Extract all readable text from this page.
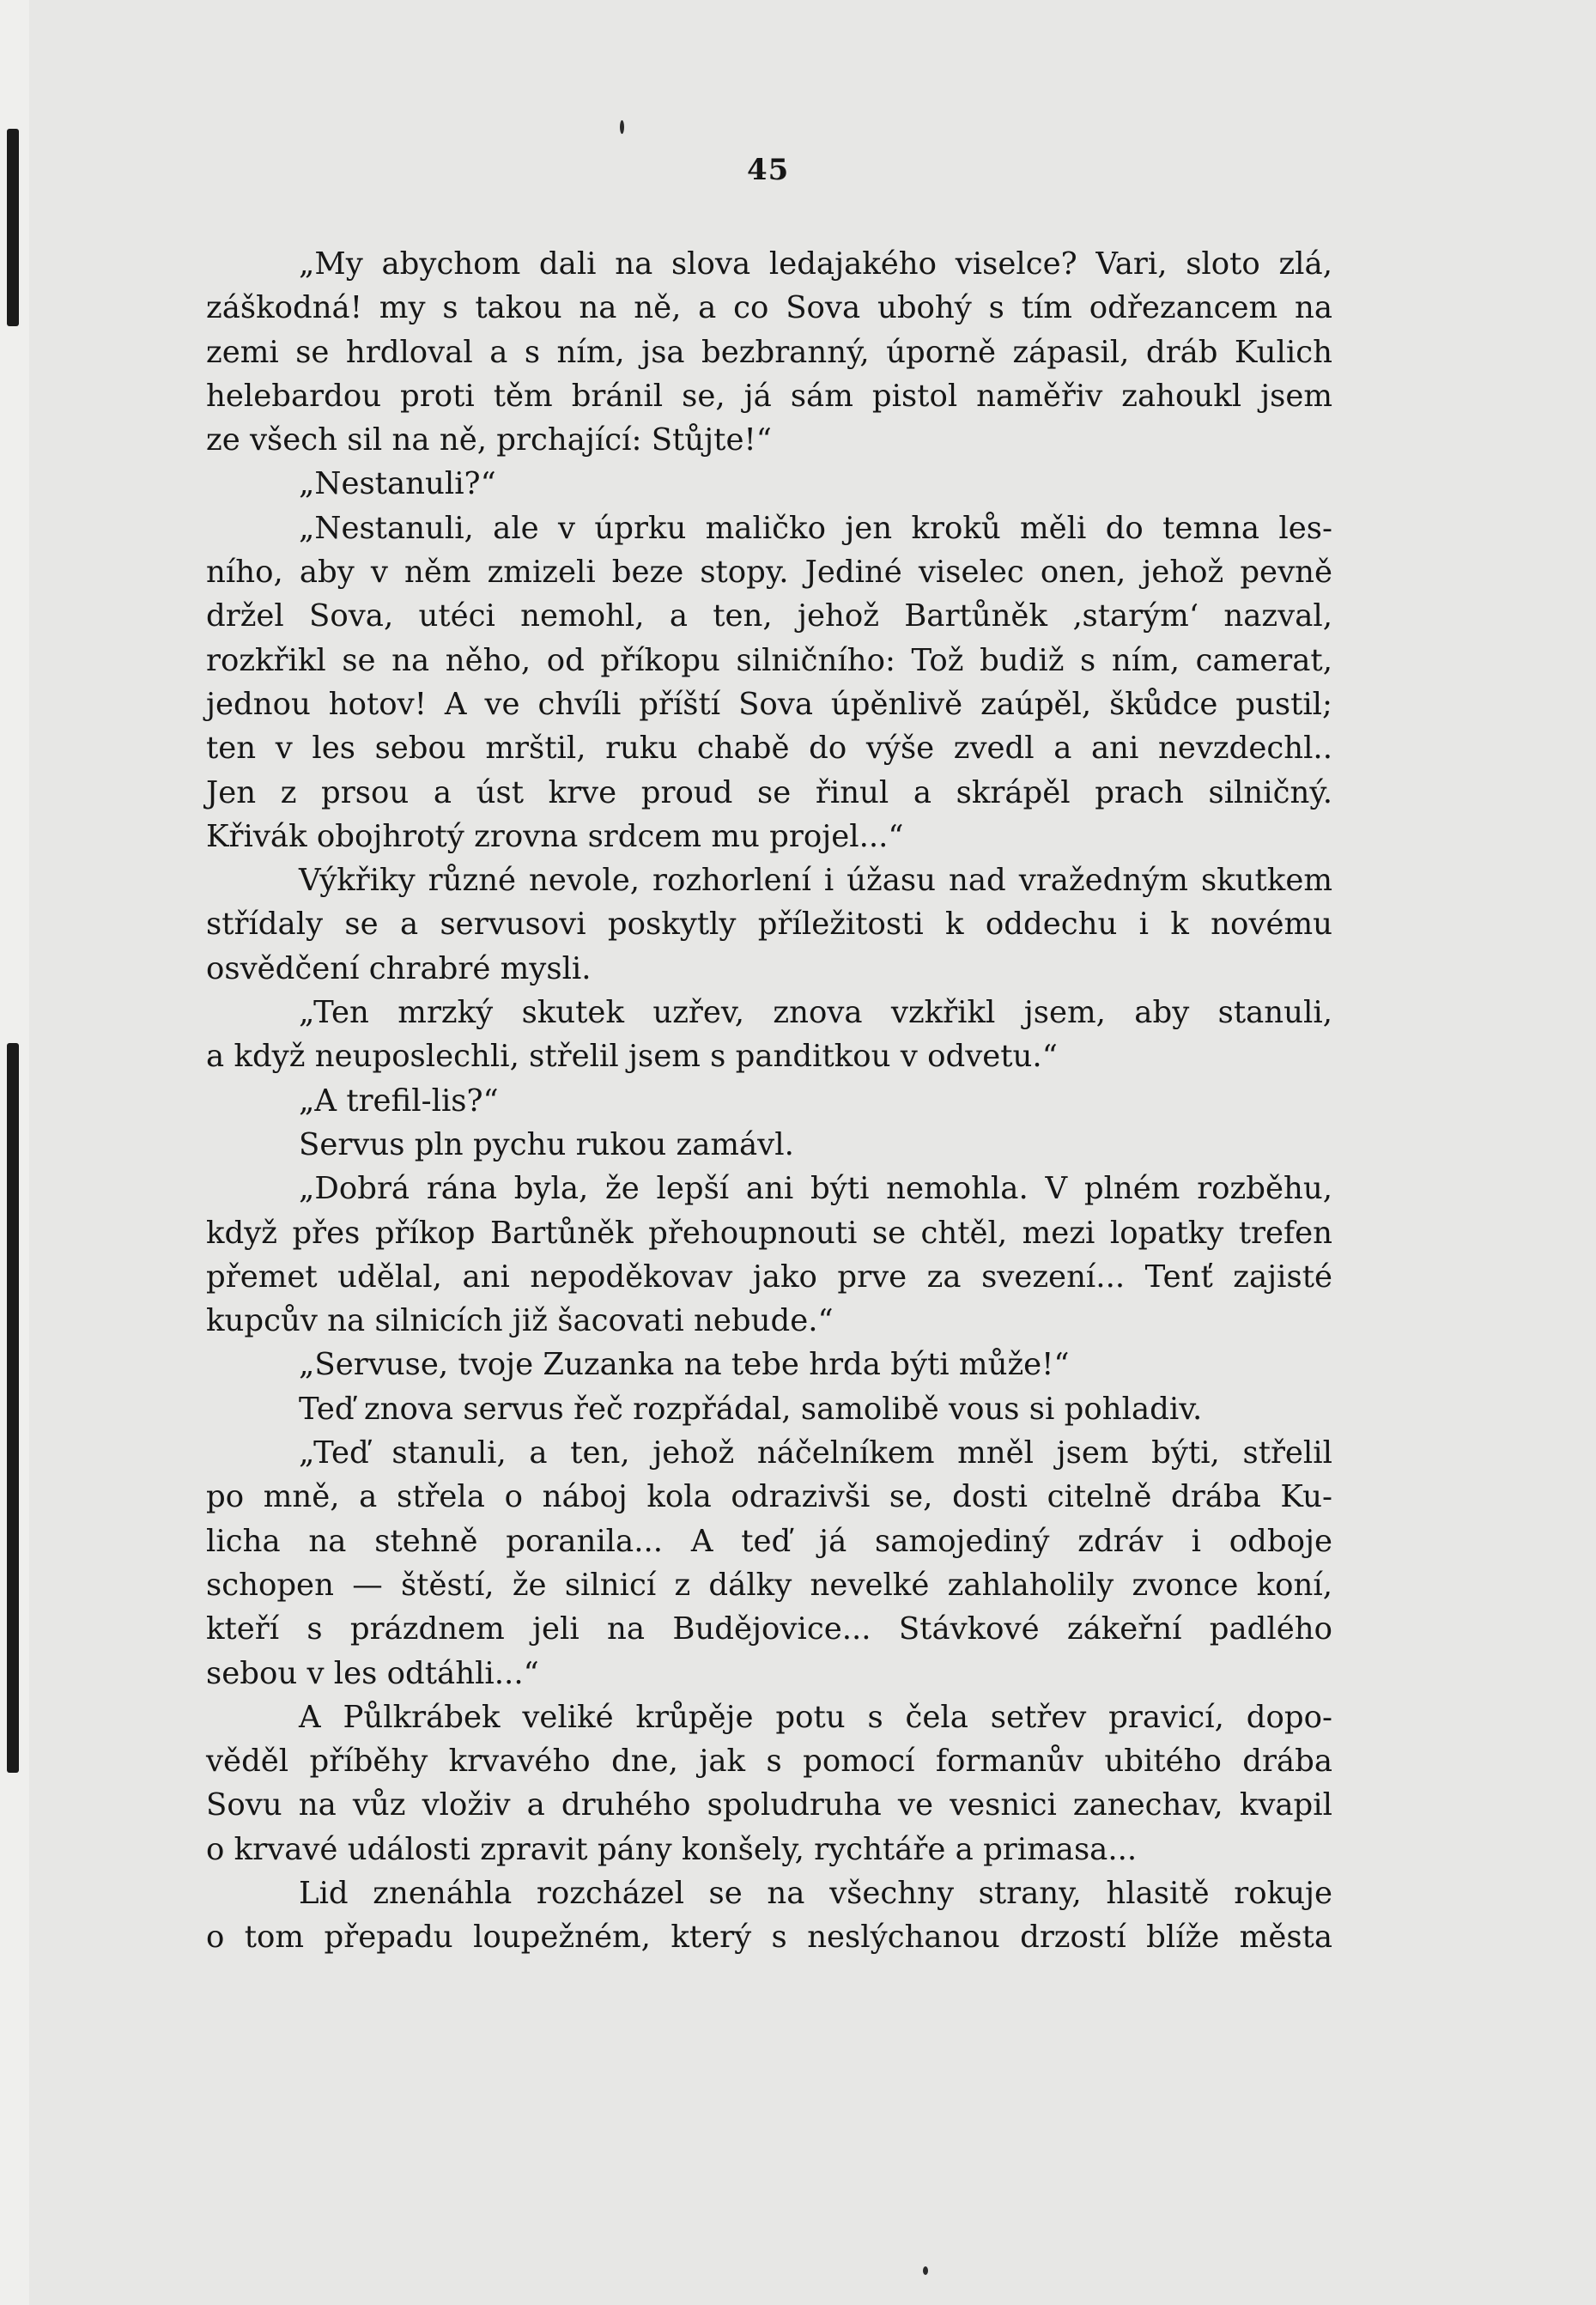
45

„My abychom dali na slova ledajakého viselce? Vari, sloto zlá,

záškodná! my s takou na ně, a co Sova ubohý s tím odřezancem na

zemi se hrdloval a s ním, jsa bezbranný, úporně zápasil, dráb Kulich

helebardou proti těm bránil se, já sám pistol naměřiv zahoukl jsem

ze všech sil na ně, prchající: Stůjte!“

„Nestanuli?“

„Nestanuli, ale v úprku maličko jen kroků měli do temna les-

ního, aby v něm zmizeli beze stopy. Jediné viselec onen, jehož pevně

držel Sova, utéci nemohl, a ten, jehož Bartůněk ‚starým‘ nazval,

rozkřikl se na něho, od příkopu silničního: Tož budiž s ním, camerat,

jednou hotov! A ve chvíli příští Sova úpěnlivě zaúpěl, škůdce pustil;

ten v les sebou mrštil, ruku chabě do výše zvedl a ani nevzdechl..

Jen z prsou a úst krve proud se řinul a skrápěl prach silničný.

Křivák obojhrotý zrovna srdcem mu projel...“

Výkřiky různé nevole, rozhorlení i úžasu nad vražedným skutkem

střídaly se a servusovi poskytly příležitosti k oddechu i k novému

osvědčení chrabré mysli.

„Ten mrzký skutek uzřev, znova vzkřikl jsem, aby stanuli,

a když neuposlechli, střelil jsem s panditkou v odvetu.“

„A trefil-lis?“

Servus pln pychu rukou zamávl.

„Dobrá rána byla, že lepší ani býti nemohla. V plném rozběhu,

když přes příkop Bartůněk přehoupnouti se chtěl, mezi lopatky trefen

přemet udělal, ani nepoděkovav jako prve za svezení... Tenť zajisté

kupcův na silnicích již šacovati nebude.“

„Servuse, tvoje Zuzanka na tebe hrda býti může!“

Teď znova servus řeč rozpřádal, samolibě vous si pohladiv.

„Teď stanuli, a ten, jehož náčelníkem mněl jsem býti, střelil

po mně, a střela o náboj kola odrazivši se, dosti citelně drába Ku-

licha na stehně poranila... A teď já samojediný zdráv i odboje

schopen — štěstí, že silnicí z dálky nevelké zahlaholily zvonce koní,

kteří s prázdnem jeli na Budějovice... Stávkové zákeřní padlého

sebou v les odtáhli...“

A Půlkrábek veliké krůpěje potu s čela setřev pravicí, dopo-

věděl příběhy krvavého dne, jak s pomocí formanův ubitého drába

Sovu na vůz vloživ a druhého spoludruha ve vesnici zanechav, kvapil

o krvavé události zpravit pány konšely, rychtáře a primasa...

Lid znenáhla rozcházel se na všechny strany, hlasitě rokuje

o tom přepadu loupežném, který s neslýchanou drzostí blíže města
